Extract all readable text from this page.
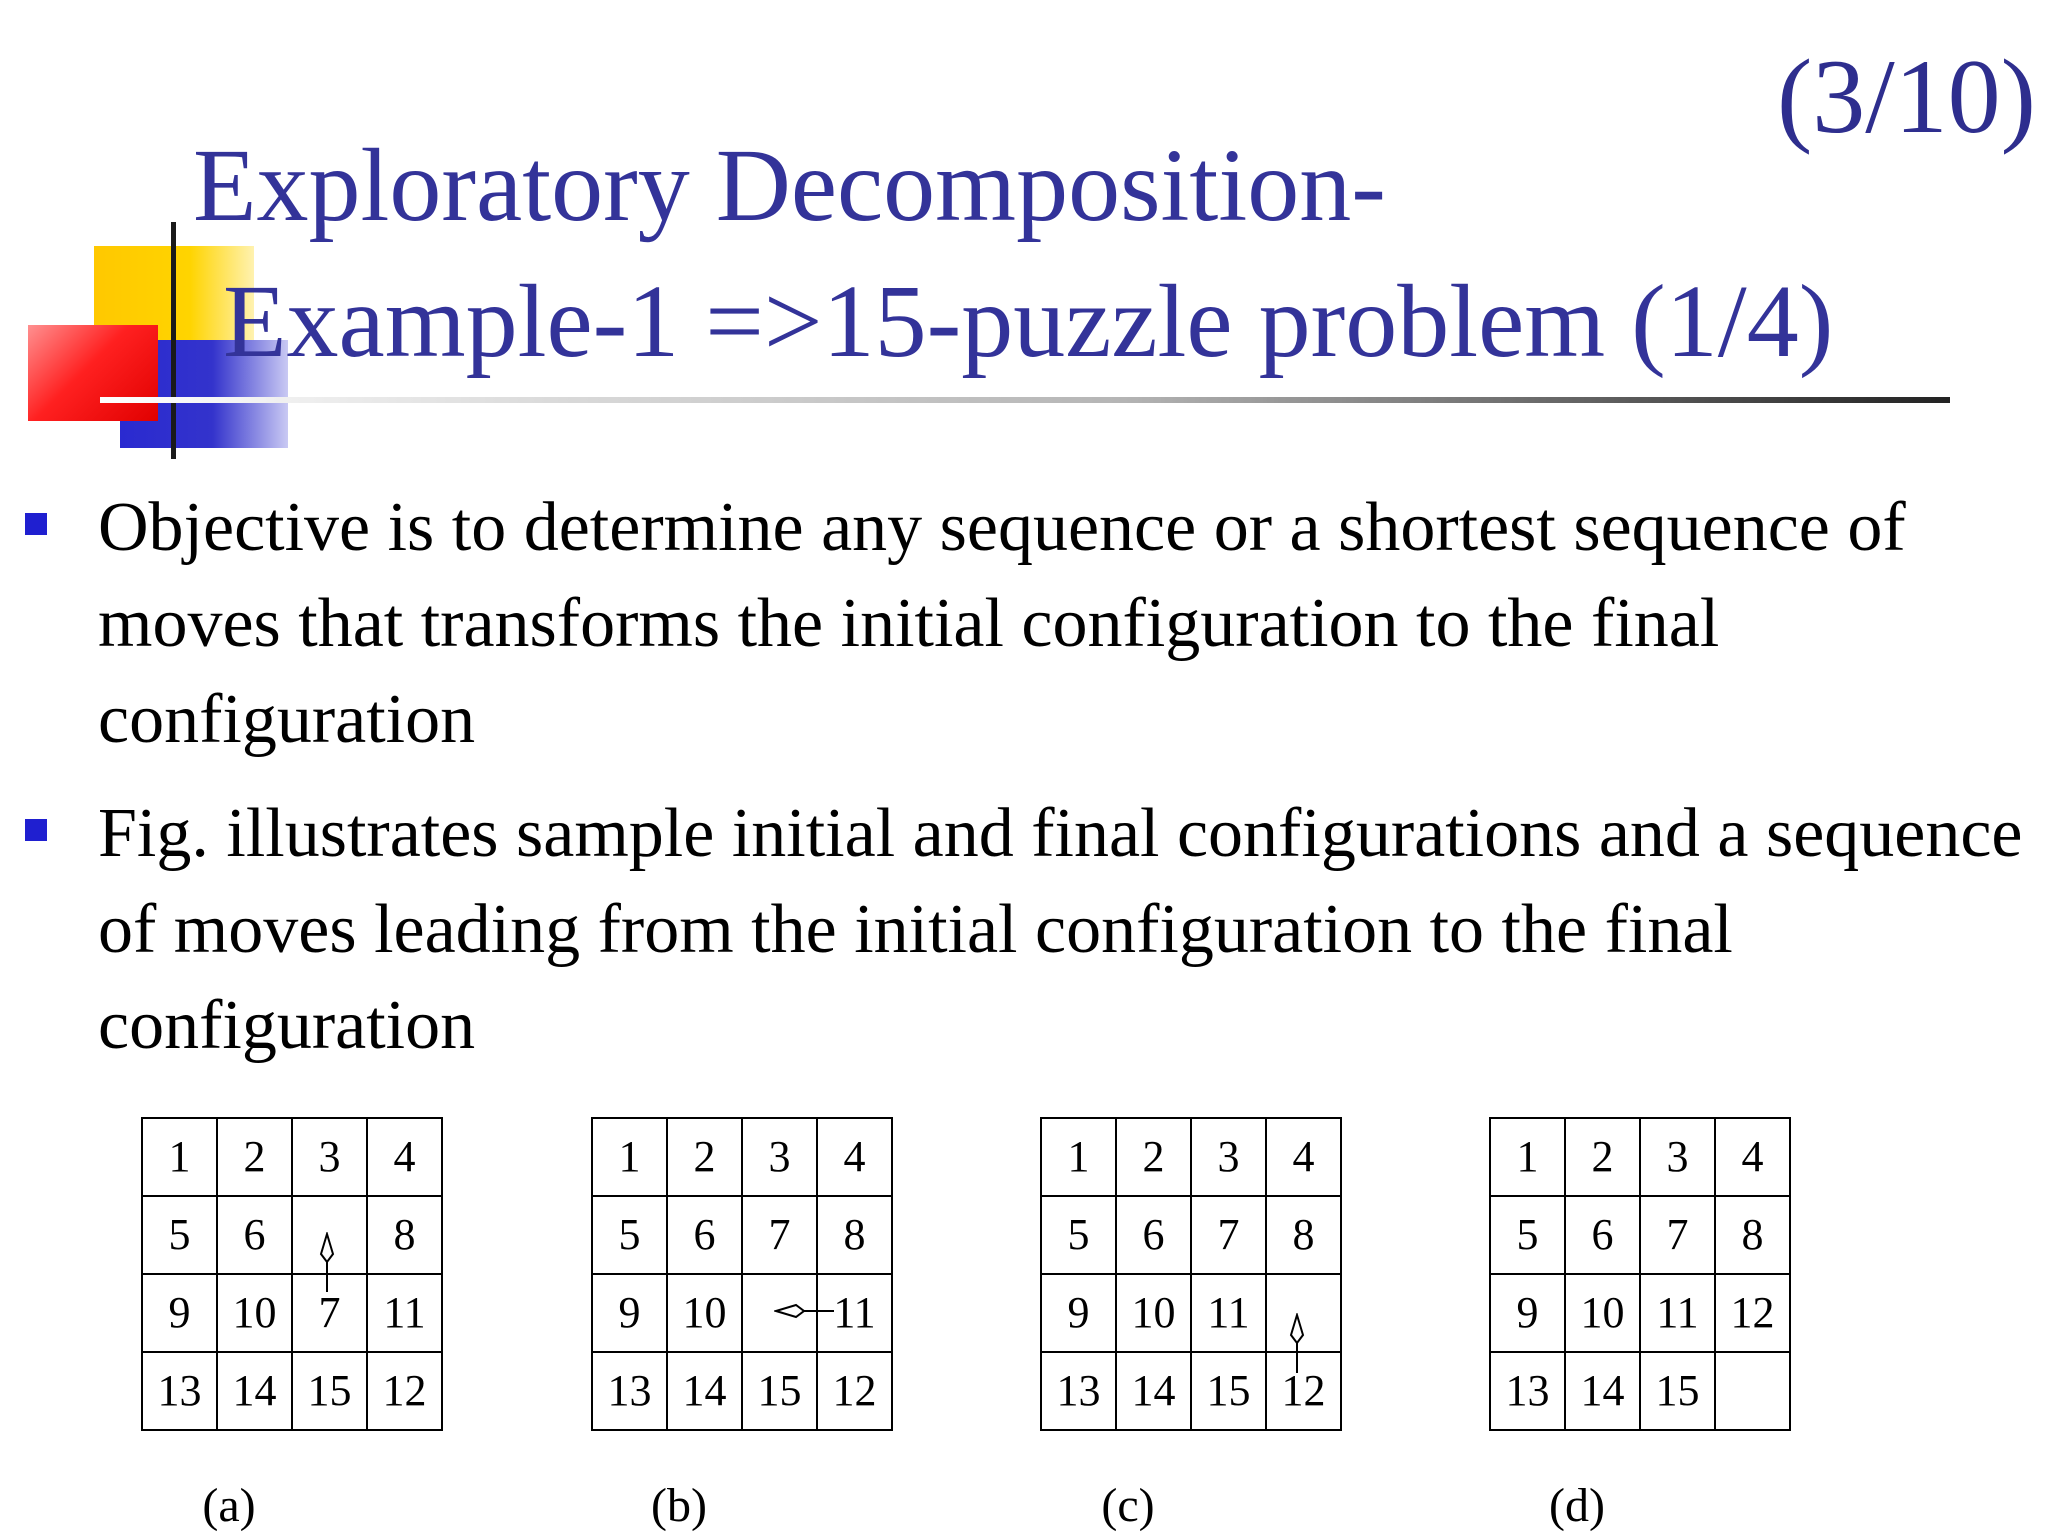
(3/10)
Exploratory Decomposition-
Example-1 =>15-puzzle problem (1/4)
Objective is to determine any sequence or a shortest sequence of moves that transforms the initial configuration to the final configuration
Fig. illustrates sample initial and final configurations and a sequence of moves leading from the initial configuration to the final configuration
1	2	3	4
5	6		8
9	10	7	11
13	14	15	12
(a)
1	2	3	4
5	6	7	8
9	10		11
13	14	15	12
(b)
1	2	3	4
5	6	7	8
9	10	11	
13	14	15	12
(c)
1	2	3	4
5	6	7	8
9	10	11	12
13	14	15	
(d)
